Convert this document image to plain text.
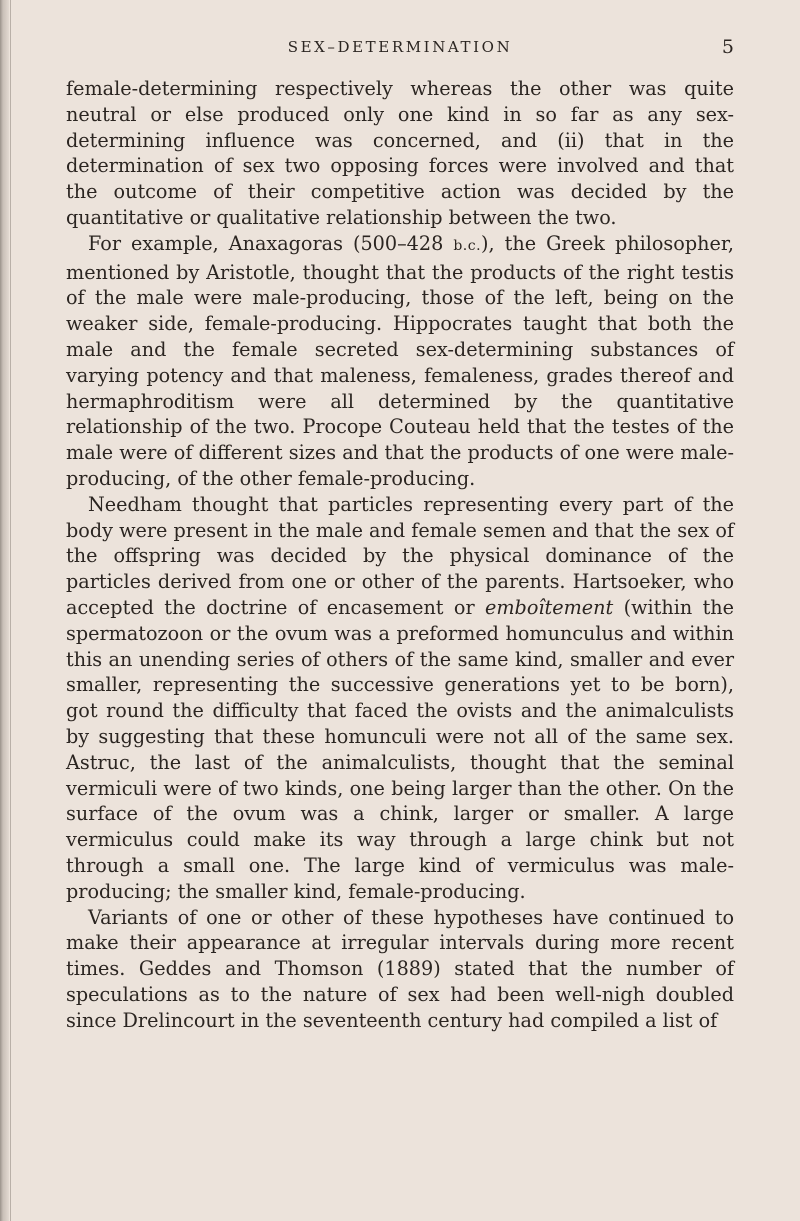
SEX–DETERMINATION	5

female-determining respectively whereas the other was quite neutral or else produced only one kind in so far as any sex-determining influence was concerned, and (ii) that in the determination of sex two opposing forces were involved and that the outcome of their competitive action was decided by the quantitative or qualitative relationship between the two.

For example, Anaxagoras (500–428 b.c.), the Greek philosopher, mentioned by Aristotle, thought that the products of the right testis of the male were male-producing, those of the left, being on the weaker side, female-producing. Hippocrates taught that both the male and the female secreted sex-determining substances of varying potency and that maleness, femaleness, grades thereof and hermaphroditism were all determined by the quantitative relationship of the two. Procope Couteau held that the testes of the male were of different sizes and that the products of one were male-producing, of the other female-producing.

Needham thought that particles representing every part of the body were present in the male and female semen and that the sex of the offspring was decided by the physical dominance of the particles derived from one or other of the parents. Hartsoeker, who accepted the doctrine of encasement or emboîtement (within the spermatozoon or the ovum was a preformed homunculus and within this an unending series of others of the same kind, smaller and ever smaller, representing the successive generations yet to be born), got round the difficulty that faced the ovists and the animalculists by suggesting that these homunculi were not all of the same sex. Astruc, the last of the animalculists, thought that the seminal vermiculi were of two kinds, one being larger than the other. On the surface of the ovum was a chink, larger or smaller. A large vermiculus could make its way through a large chink but not through a small one. The large kind of vermiculus was male-producing; the smaller kind, female-producing.

Variants of one or other of these hypotheses have continued to make their appearance at irregular intervals during more recent times. Geddes and Thomson (1889) stated that the number of speculations as to the nature of sex had been well-nigh doubled since Drelincourt in the seventeenth century had compiled a list of
